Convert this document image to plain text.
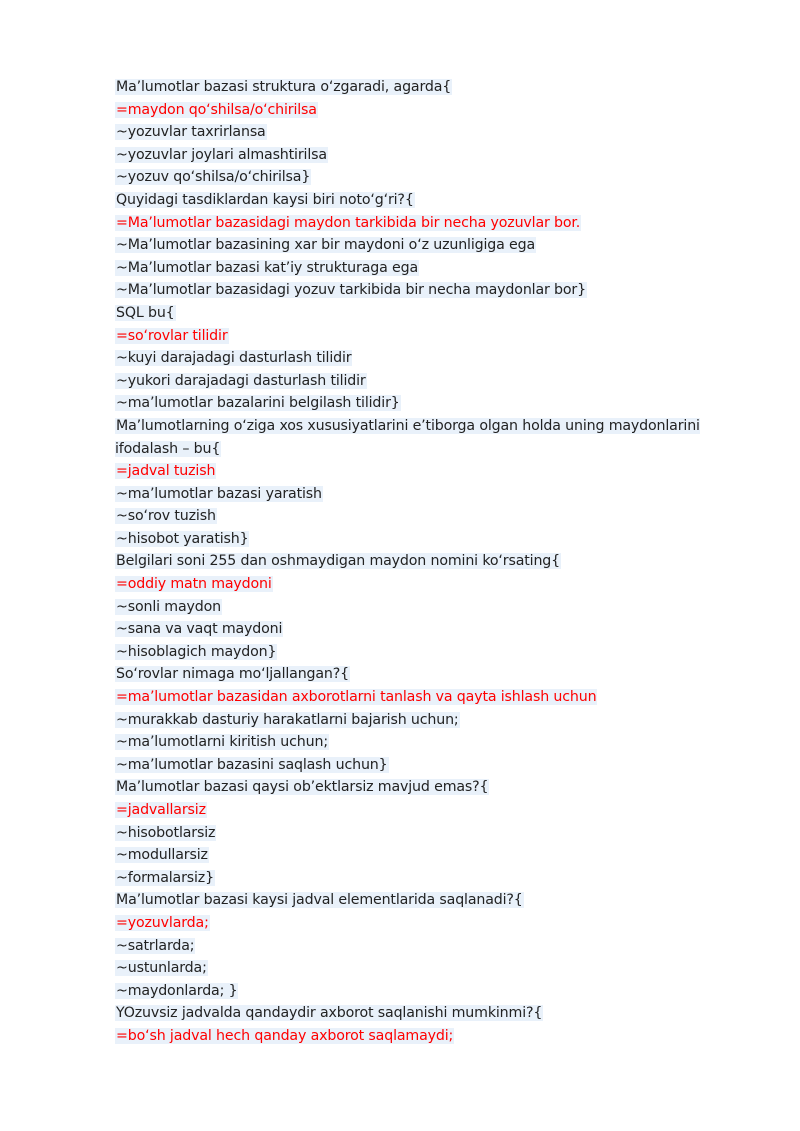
Ma’lumotlar bazasi struktura o‘zgaradi, agarda{
=maydon qo‘shilsa/o‘chirilsa
~yozuvlar taxrirlansa
~yozuvlar joylari almashtirilsa
~yozuv qo‘shilsa/o‘chirilsa}
Quyidagi tasdiklardan kaysi biri noto‘g‘ri?{
=Ma’lumotlar bazasidagi maydon tarkibida bir necha yozuvlar bor.
~Ma’lumotlar bazasining xar bir maydoni o‘z uzunligiga ega
~Ma’lumotlar bazasi kat’iy strukturaga ega
~Ma’lumotlar bazasidagi yozuv tarkibida bir necha maydonlar bor}
SQL bu{
=so‘rovlar tilidir
~kuyi darajadagi dasturlash tilidir
~yukori darajadagi dasturlash tilidir
~ma’lumotlar bazalarini belgilash tilidir}
Ma’lumotlarning o‘ziga xos xususiyatlarini e’tiborga olgan holda uning maydonlarini ifodalash – bu{
=jadval tuzish
~ma’lumotlar bazasi yaratish
~so‘rov tuzish
~hisobot yaratish}
Belgilari soni 255 dan oshmaydigan maydon nomini ko‘rsating{
=oddiy matn maydoni
~sonli maydon
~sana va vaqt maydoni
~hisoblagich maydon}
So‘rovlar nimaga mo‘ljallangan?{
=ma’lumotlar bazasidan axborotlarni tanlash va qayta ishlash uchun
~murakkab dasturiy harakatlarni bajarish uchun;
~ma’lumotlarni kiritish uchun;
~ma’lumotlar bazasini saqlash uchun}
Ma’lumotlar bazasi qaysi ob’ektlarsiz mavjud emas?{
=jadvallarsiz
~hisobotlarsiz
~modullarsiz
~formalarsiz}
Ma’lumotlar bazasi kaysi jadval elementlarida saqlanadi?{
=yozuvlarda;
~satrlarda;
~ustunlarda;
~maydonlarda; }
YOzuvsiz jadvalda qandaydir axborot saqlanishi mumkinmi?{
=bo‘sh jadval hech qanday axborot saqlamaydi;
